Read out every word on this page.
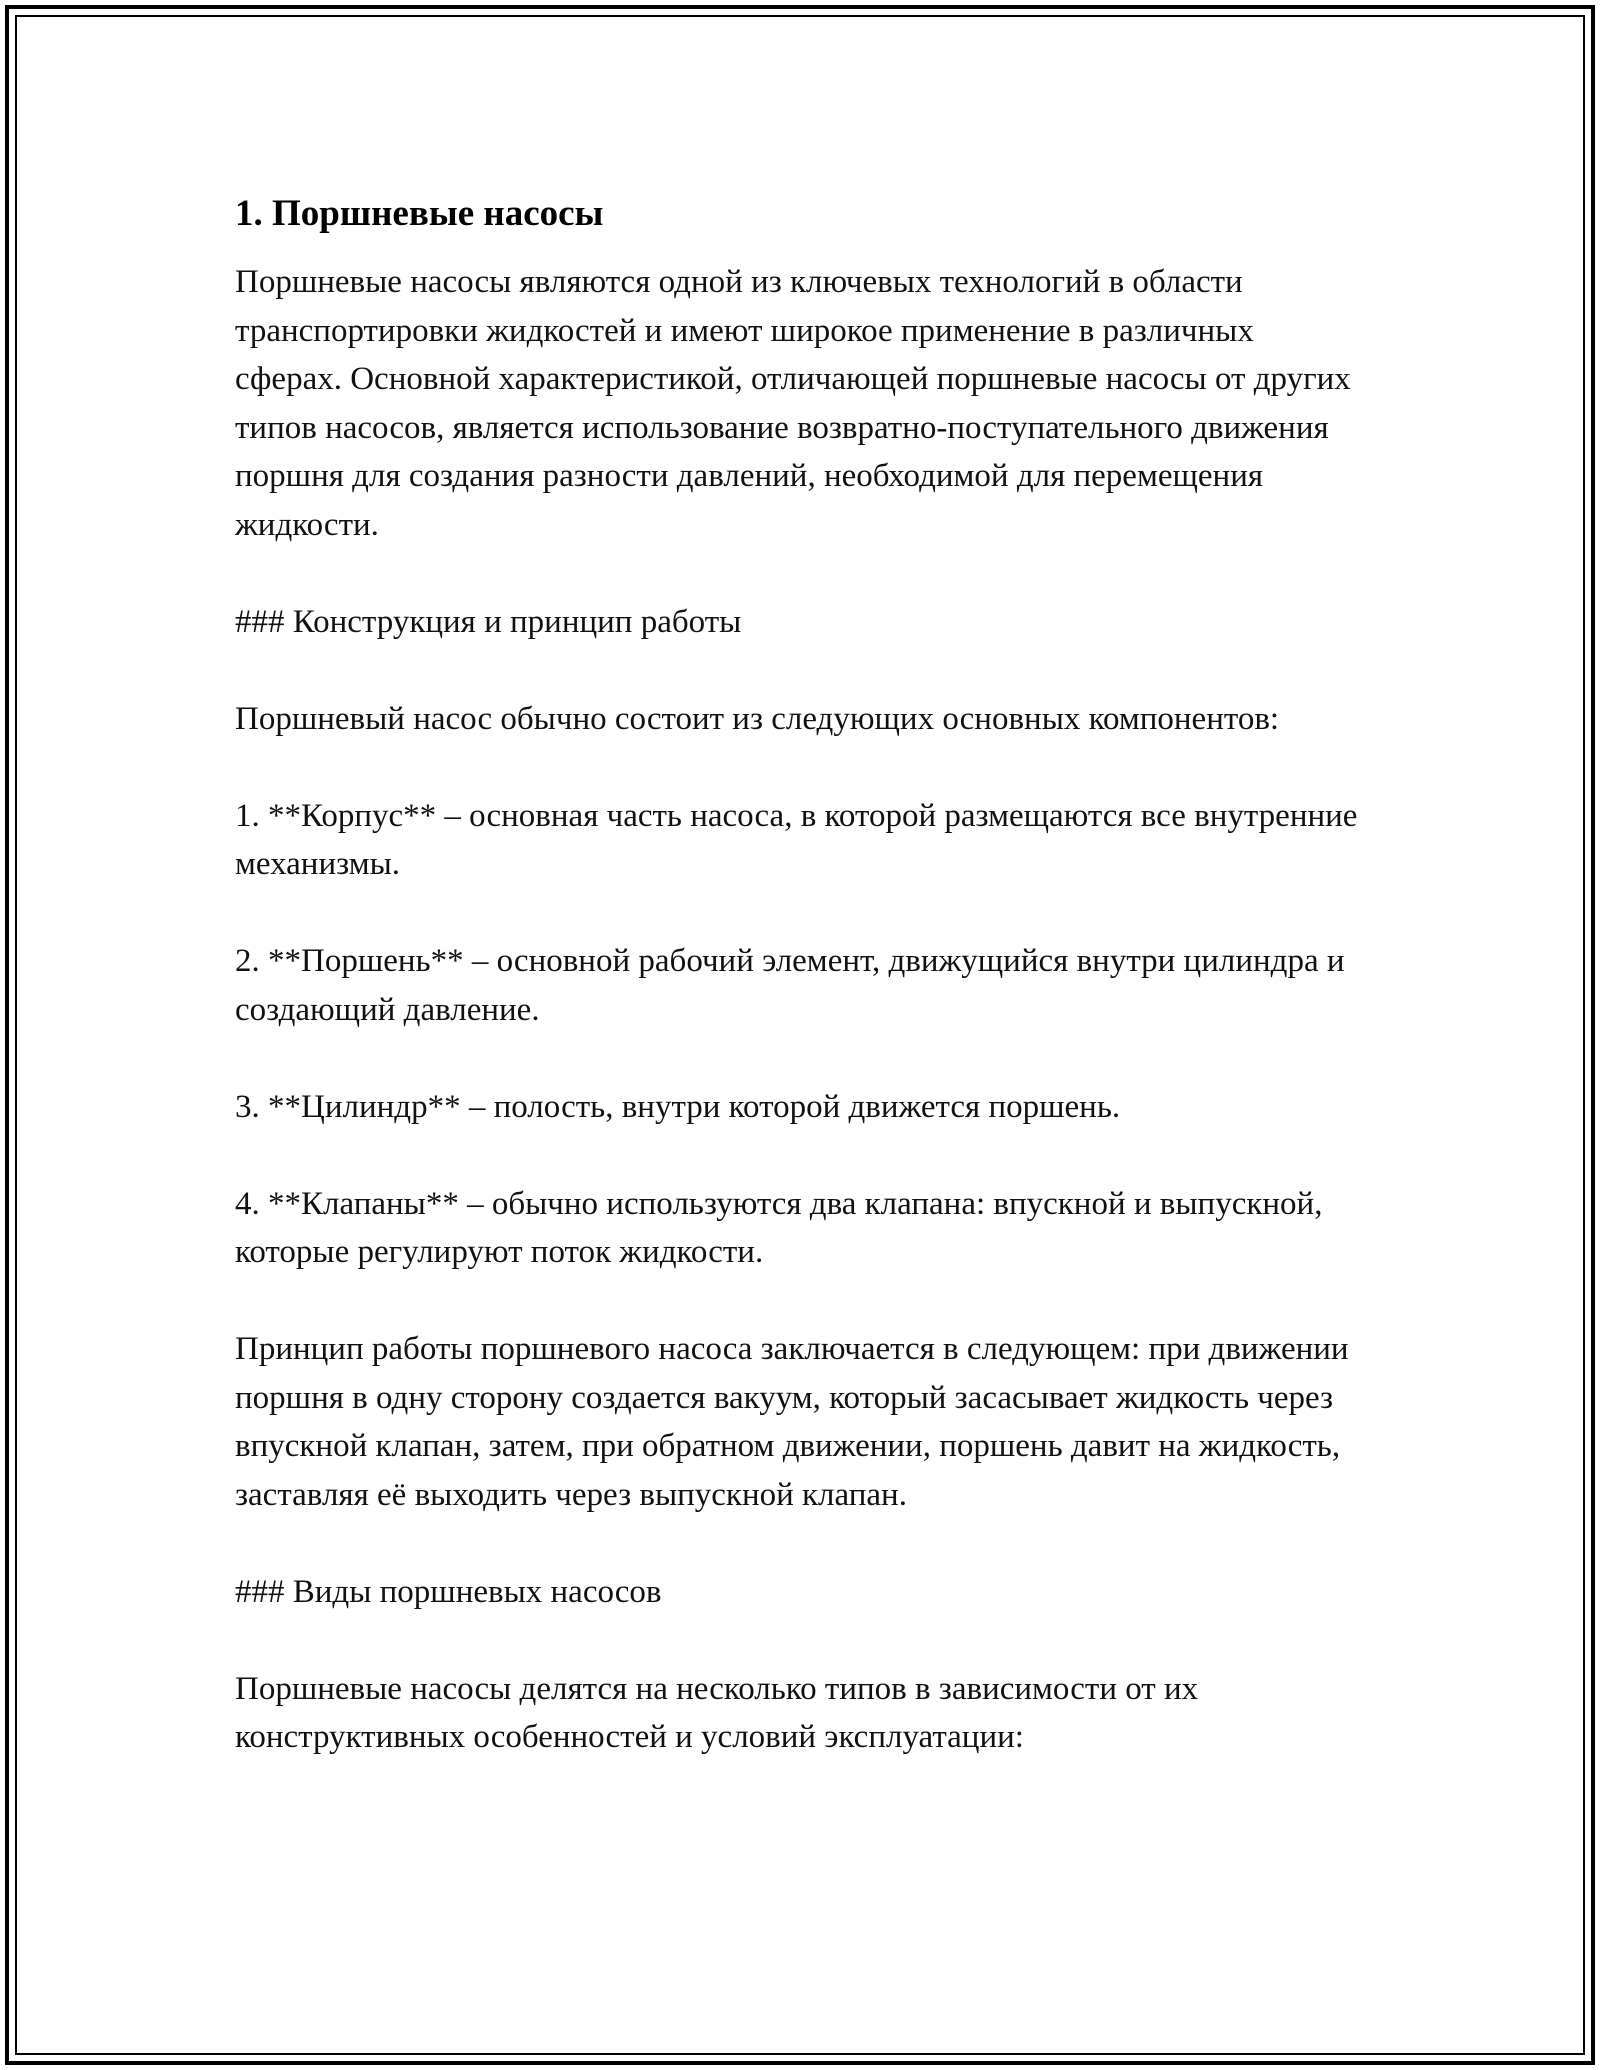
1. Поршневые насосы

Поршневые насосы являются одной из ключевых технологий в области транспортировки жидкостей и имеют широкое применение в различных сферах. Основной характеристикой, отличающей поршневые насосы от других типов насосов, является использование возвратно-поступательного движения поршня для создания разности давлений, необходимой для перемещения жидкости.

### Конструкция и принцип работы

Поршневый насос обычно состоит из следующих основных компонентов:

1. **Корпус** – основная часть насоса, в которой размещаются все внутренние механизмы.

2. **Поршень** – основной рабочий элемент, движущийся внутри цилиндра и создающий давление.

3. **Цилиндр** – полость, внутри которой движется поршень.

4. **Клапаны** – обычно используются два клапана: впускной и выпускной, которые регулируют поток жидкости.

Принцип работы поршневого насоса заключается в следующем: при движении поршня в одну сторону создается вакуум, который засасывает жидкость через впускной клапан, затем, при обратном движении, поршень давит на жидкость, заставляя её выходить через выпускной клапан.

### Виды поршневых насосов

Поршневые насосы делятся на несколько типов в зависимости от их конструктивных особенностей и условий эксплуатации:
